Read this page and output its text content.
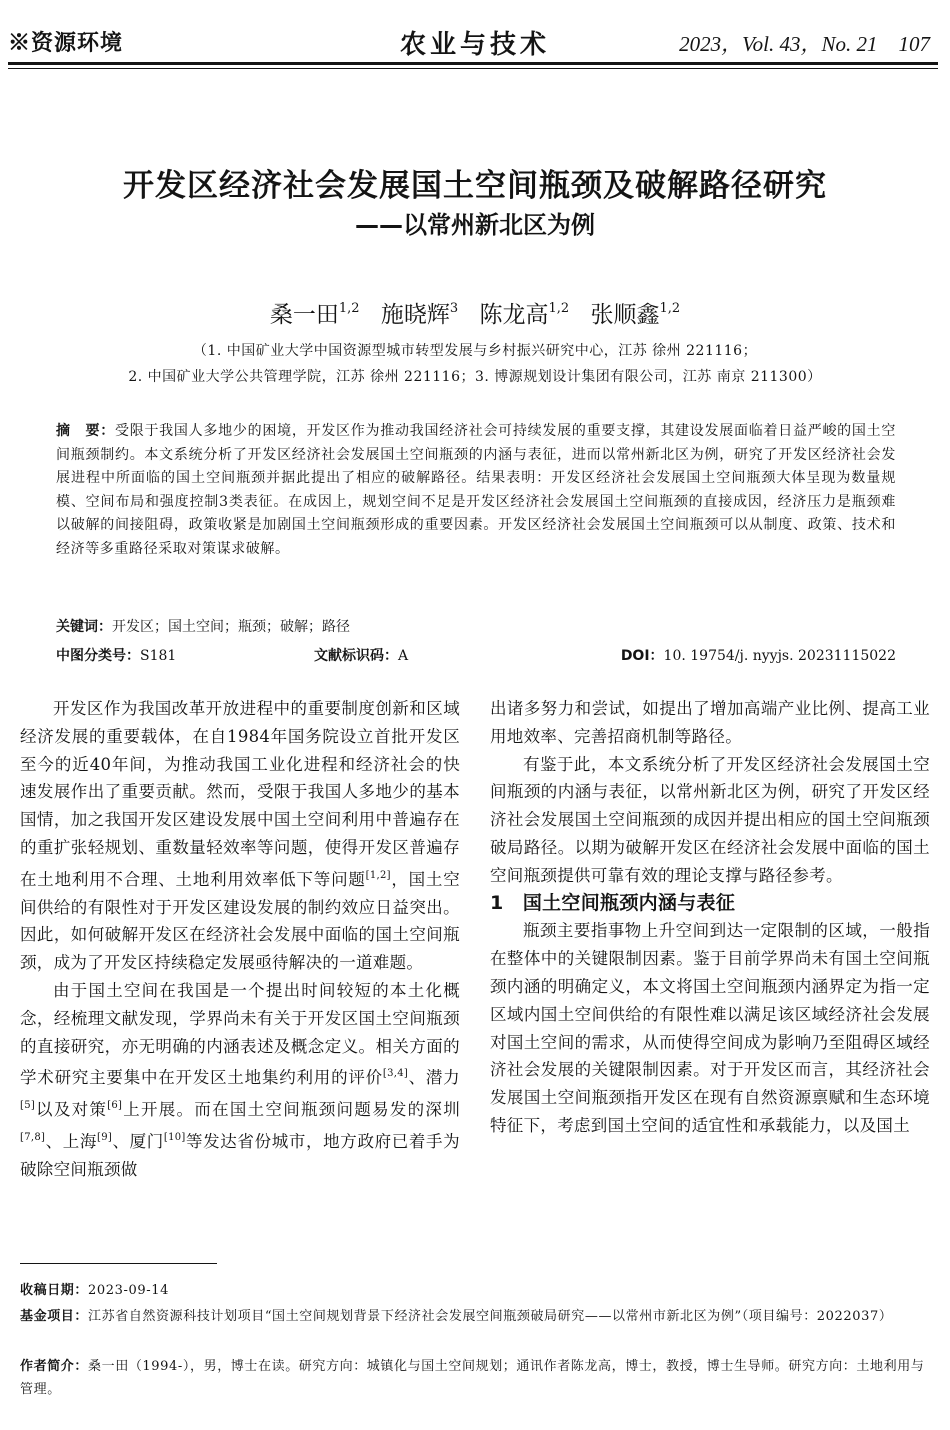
※资源环境	农业与技术	2023，Vol. 43，No. 21 107
开发区经济社会发展国土空间瓶颈及破解路径研究
——以常州新北区为例
桑一田$^{1,2}$ 施晓辉$^3$ 陈龙高$^{1,2}$ 张顺鑫$^{1,2}$
（1. 中国矿业大学中国资源型城市转型发展与乡村振兴研究中心，江苏 徐州 221116；
2. 中国矿业大学公共管理学院，江苏 徐州 221116；3. 博源规划设计集团有限公司，江苏 南京 211300）
摘　要：受限于我国人多地少的困境，开发区作为推动我国经济社会可持续发展的重要支撑，其建设发展面临着日益严峻的国土空间瓶颈制约。本文系统分析了开发区经济社会发展国土空间瓶颈的内涵与表征，进而以常州新北区为例，研究了开发区经济社会发展进程中所面临的国土空间瓶颈并据此提出了相应的破解路径。结果表明：开发区经济社会发展国土空间瓶颈大体呈现为数量规模、空间布局和强度控制3类表征。在成因上，规划空间不足是开发区经济社会发展国土空间瓶颈的直接成因，经济压力是瓶颈难以破解的间接阻碍，政策收紧是加剧国土空间瓶颈形成的重要因素。开发区经济社会发展国土空间瓶颈可以从制度、政策、技术和经济等多重路径采取对策谋求破解。
关键词：开发区；国土空间；瓶颈；破解；路径
中图分类号：S181	文献标识码：A	DOI：10. 19754/j. nyyjs. 20231115022

开发区作为我国改革开放进程中的重要制度创新和区域经济发展的重要载体，在自1984年国务院设立首批开发区至今的近40年间，为推动我国工业化进程和经济社会的快速发展作出了重要贡献。然而，受限于我国人多地少的基本国情，加之我国开发区建设发展中国土空间利用中普遍存在的重扩张轻规划、重数量轻效率等问题，使得开发区普遍存在土地利用不合理、土地利用效率低下等问题[1,2]，国土空间供给的有限性对于开发区建设发展的制约效应日益突出。因此，如何破解开发区在经济社会发展中面临的国土空间瓶颈，成为了开发区持续稳定发展亟待解决的一道难题。

由于国土空间在我国是一个提出时间较短的本土化概念，经梳理文献发现，学界尚未有关于开发区国土空间瓶颈的直接研究，亦无明确的内涵表述及概念定义。相关方面的学术研究主要集中在开发区土地集约利用的评价[3,4]、潜力[5]以及对策[6]上开展。而在国土空间瓶颈问题易发的深圳[7,8]、上海[9]、厦门[10]等发达省份城市，地方政府已着手为破除空间瓶颈做

出诸多努力和尝试，如提出了增加高端产业比例、提高工业用地效率、完善招商机制等路径。

有鉴于此，本文系统分析了开发区经济社会发展国土空间瓶颈的内涵与表征，以常州新北区为例，研究了开发区经济社会发展国土空间瓶颈的成因并提出相应的国土空间瓶颈破局路径。以期为破解开发区在经济社会发展中面临的国土空间瓶颈提供可靠有效的理论支撑与路径参考。

1　国土空间瓶颈内涵与表征

瓶颈主要指事物上升空间到达一定限制的区域，一般指在整体中的关键限制因素。鉴于目前学界尚未有国土空间瓶颈内涵的明确定义，本文将国土空间瓶颈内涵界定为指一定区域内国土空间供给的有限性难以满足该区域经济社会发展对国土空间的需求，从而使得空间成为影响乃至阻碍区域经济社会发展的关键限制因素。对于开发区而言，其经济社会发展国土空间瓶颈指开发区在现有自然资源禀赋和生态环境特征下，考虑到国土空间的适宜性和承载能力，以及国土

收稿日期：2023-09-14
基金项目：江苏省自然资源科技计划项目“国土空间规划背景下经济社会发展空间瓶颈破局研究——以常州市新北区为例”（项目编号：2022037）
作者简介：桑一田（1994-），男，博士在读。研究方向：城镇化与国土空间规划；通讯作者陈龙高，博士，教授，博士生导师。研究方向：土地利用与管理。
